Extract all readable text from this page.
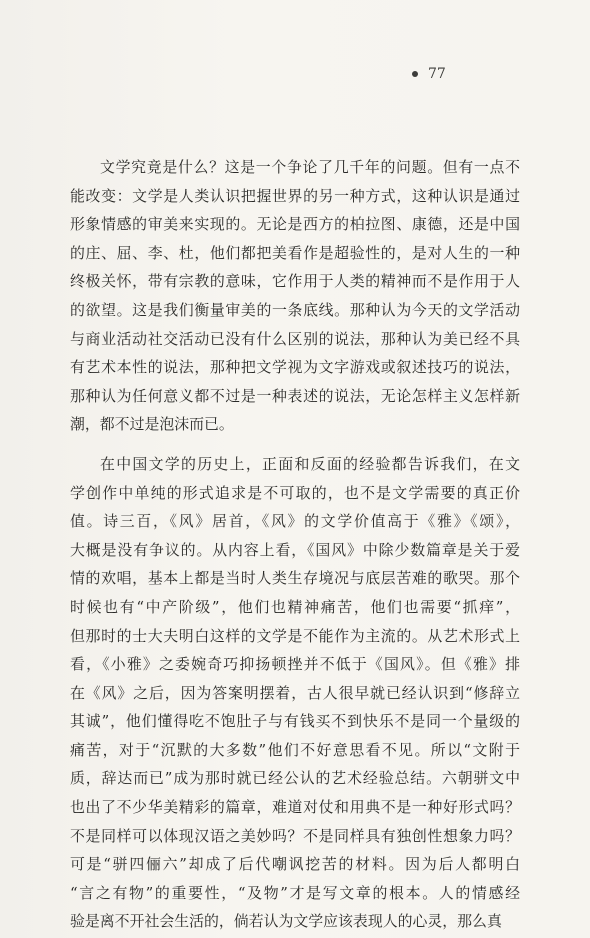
77
文学究竟是什么？这是一个争论了几千年的问题。但有一点不
能改变：文学是人类认识把握世界的另一种方式，这种认识是通过
形象情感的审美来实现的。无论是西方的柏拉图、康德，还是中国
的庄、屈、李、杜，他们都把美看作是超验性的，是对人生的一种
终极关怀，带有宗教的意味，它作用于人类的精神而不是作用于人
的欲望。这是我们衡量审美的一条底线。那种认为今天的文学活动
与商业活动社交活动已没有什么区别的说法，那种认为美已经不具
有艺术本性的说法，那种把文学视为文字游戏或叙述技巧的说法，
那种认为任何意义都不过是一种表述的说法，无论怎样主义怎样新
潮，都不过是泡沫而已。
在中国文学的历史上，正面和反面的经验都告诉我们，在文
学创作中单纯的形式追求是不可取的，也不是文学需要的真正价
值。诗三百，《风》居首，《风》的文学价值高于《雅》《颂》，
大概是没有争议的。从内容上看，《国风》中除少数篇章是关于爱
情的欢唱，基本上都是当时人类生存境况与底层苦难的歌哭。那个
时候也有“中产阶级”，他们也精神痛苦，他们也需要“抓痒”，
但那时的士大夫明白这样的文学是不能作为主流的。从艺术形式上
看，《小雅》之委婉奇巧抑扬顿挫并不低于《国风》。但《雅》排
在《风》之后，因为答案明摆着，古人很早就已经认识到“修辞立
其诚”，他们懂得吃不饱肚子与有钱买不到快乐不是同一个量级的
痛苦，对于“沉默的大多数”他们不好意思看不见。所以“文附于
质，辞达而已”成为那时就已经公认的艺术经验总结。六朝骈文中
也出了不少华美精彩的篇章，难道对仗和用典不是一种好形式吗？
不是同样可以体现汉语之美妙吗？不是同样具有独创性想象力吗？
可是“骈四俪六”却成了后代嘲讽挖苦的材料。因为后人都明白
“言之有物”的重要性，“及物”才是写文章的根本。人的情感经
验是离不开社会生活的，倘若认为文学应该表现人的心灵，那么真
